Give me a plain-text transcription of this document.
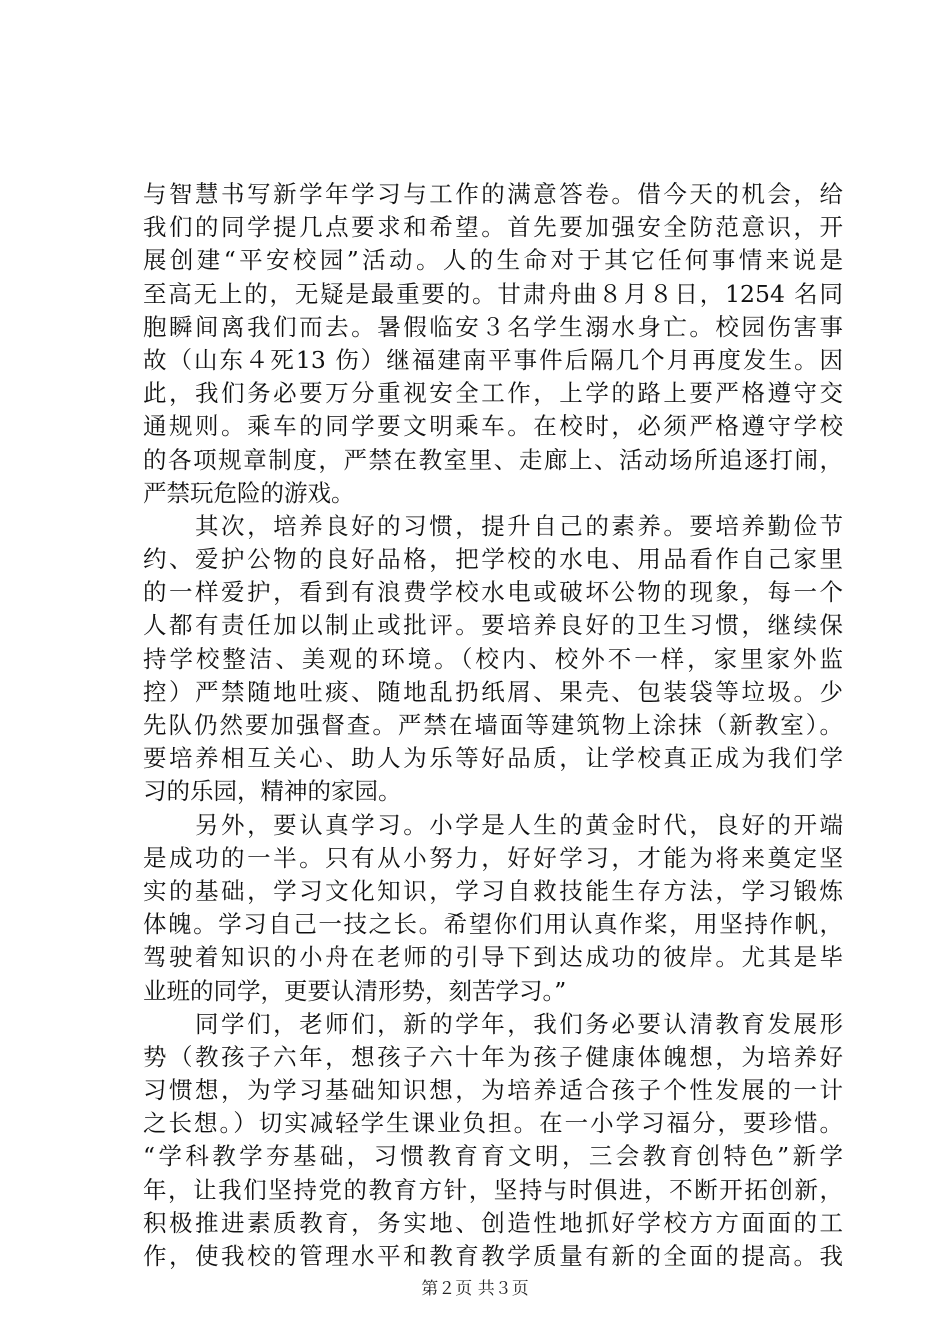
与智慧书写新学年学习与工作的满意答卷。借今天的机会，给
我们的同学提几点要求和希望。首先要加强安全防范意识，开
展创建“平安校园”活动。人的生命对于其它任何事情来说是
至高无上的，无疑是最重要的。甘肃舟曲８月８日，1254 名同
胞瞬间离我们而去。暑假临安３名学生溺水身亡。校园伤害事
故（山东４死13 伤）继福建南平事件后隔几个月再度发生。因
此，我们务必要万分重视安全工作，上学的路上要严格遵守交
通规则。乘车的同学要文明乘车。在校时，必须严格遵守学校
的各项规章制度，严禁在教室里、走廊上、活动场所追逐打闹，
严禁玩危险的游戏。
　　其次，培养良好的习惯，提升自己的素养。要培养勤俭节
约、爱护公物的良好品格，把学校的水电、用品看作自己家里
的一样爱护，看到有浪费学校水电或破坏公物的现象，每一个
人都有责任加以制止或批评。要培养良好的卫生习惯，继续保
持学校整洁、美观的环境。（校内、校外不一样，家里家外监
控）严禁随地吐痰、随地乱扔纸屑、果壳、包装袋等垃圾。少
先队仍然要加强督查。严禁在墙面等建筑物上涂抹（新教室）。
要培养相互关心、助人为乐等好品质，让学校真正成为我们学
习的乐园，精神的家园。
　　另外，要认真学习。小学是人生的黄金时代，良好的开端
是成功的一半。只有从小努力，好好学习，才能为将来奠定坚
实的基础，学习文化知识，学习自救技能生存方法，学习锻炼
体魄。学习自己一技之长。希望你们用认真作桨，用坚持作帆，
驾驶着知识的小舟在老师的引导下到达成功的彼岸。尤其是毕
业班的同学，更要认清形势，刻苦学习。”
　　同学们，老师们，新的学年，我们务必要认清教育发展形
势（教孩子六年，想孩子六十年为孩子健康体魄想，为培养好
习惯想，为学习基础知识想，为培养适合孩子个性发展的一计
之长想。）切实减轻学生课业负担。在一小学习福分，要珍惜。
“学科教学夯基础，习惯教育育文明，三会教育创特色”新学
年，让我们坚持党的教育方针，坚持与时俱进，不断开拓创新，
积极推进素质教育，务实地、创造性地抓好学校方方面面的工
作，使我校的管理水平和教育教学质量有新的全面的提高。我
第２页 共３页
